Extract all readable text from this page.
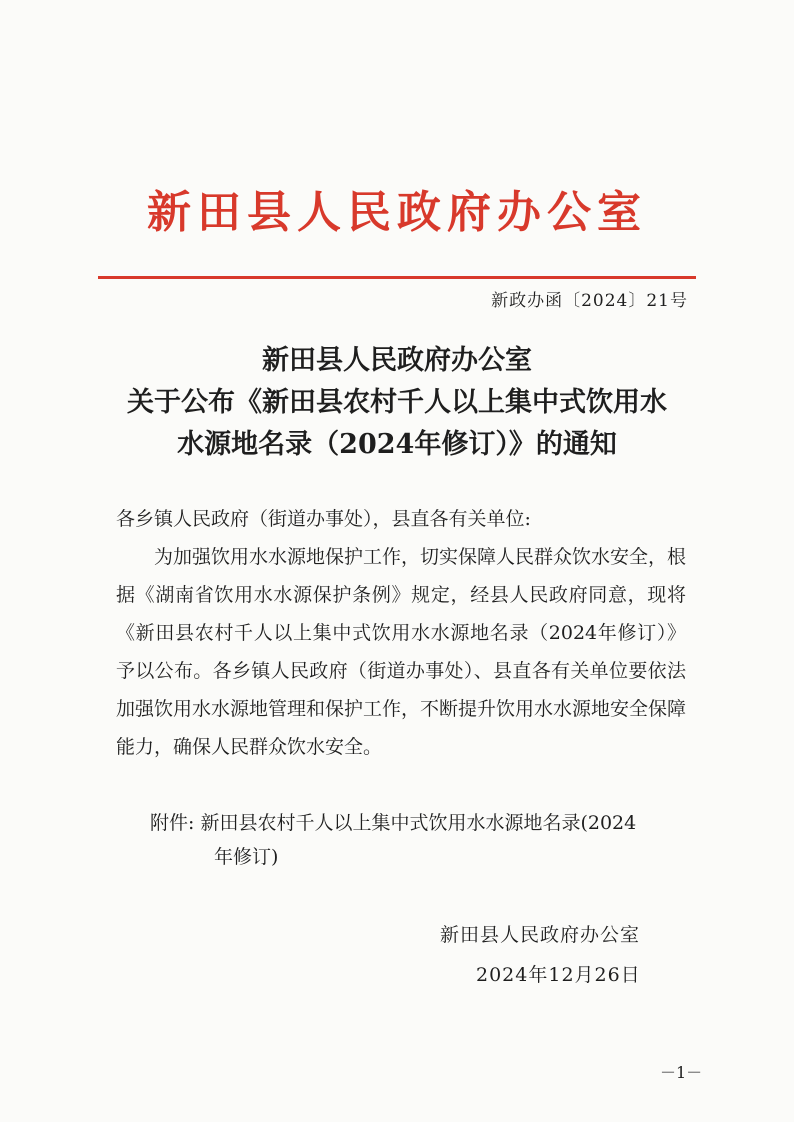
新田县人民政府办公室
新政办函〔2024〕21号
新田县人民政府办公室
关于公布《新田县农村千人以上集中式饮用水
水源地名录（2024年修订）》的通知
各乡镇人民政府（街道办事处），县直各有关单位:
为加强饮用水水源地保护工作，切实保障人民群众饮水安全，根据《湖南省饮用水水源保护条例》规定，经县人民政府同意，现将《新田县农村千人以上集中式饮用水水源地名录（2024年修订）》予以公布。各乡镇人民政府（街道办事处）、县直各有关单位要依法加强饮用水水源地管理和保护工作，不断提升饮用水水源地安全保障能力，确保人民群众饮水安全。
附件: 新田县农村千人以上集中式饮用水水源地名录(2024
年修订)
新田县人民政府办公室
2024年12月26日
－1－
